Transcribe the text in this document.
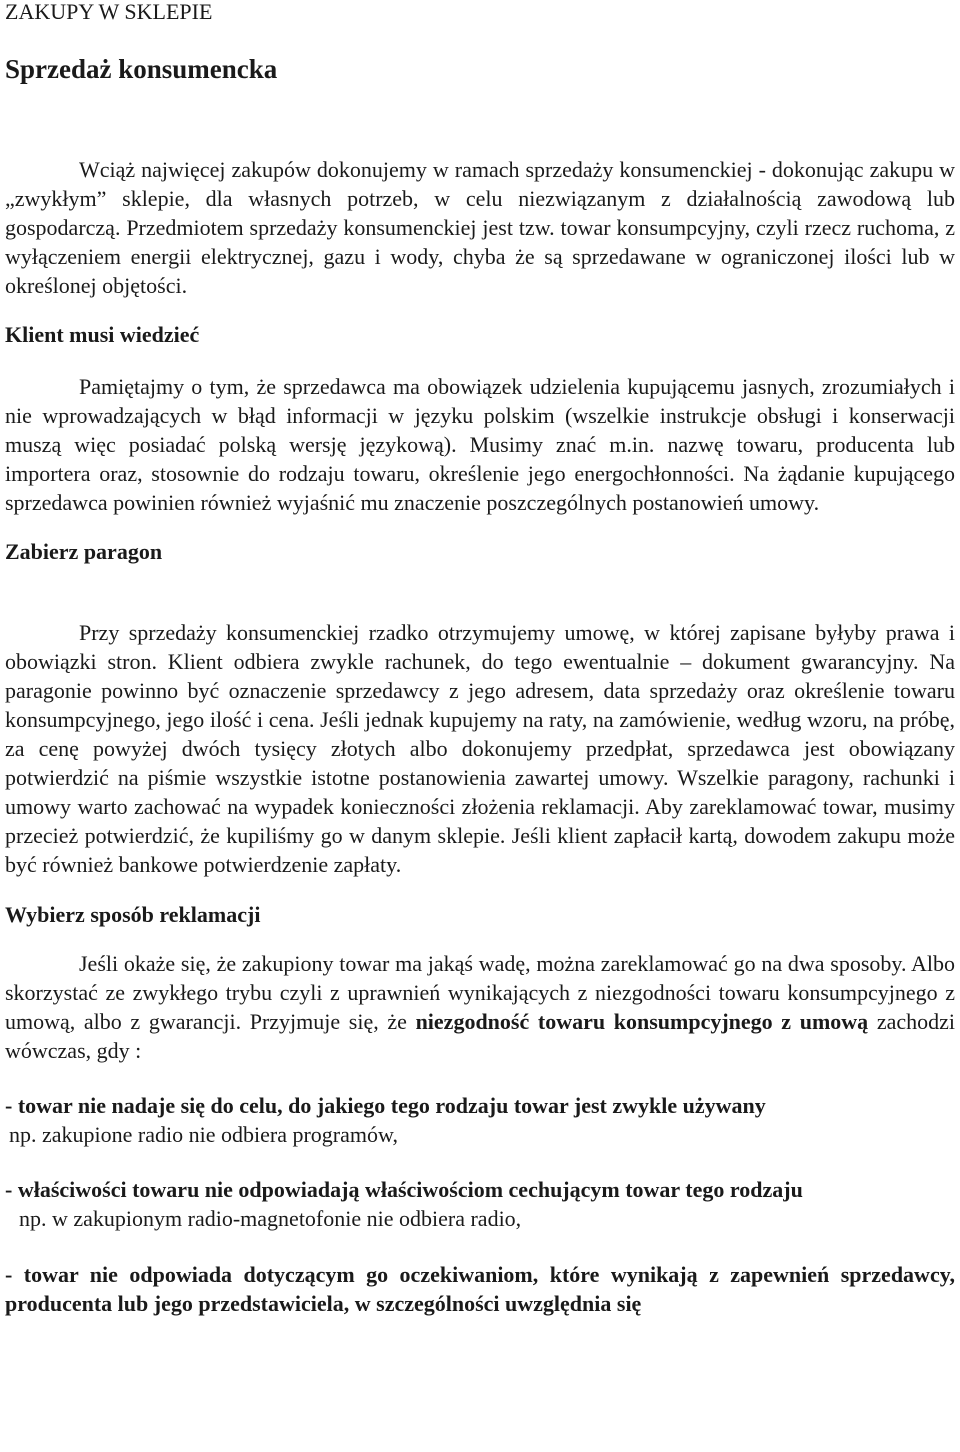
ZAKUPY W SKLEPIE
Sprzedaż konsumencka

Wciąż najwięcej zakupów dokonujemy w ramach sprzedaży konsumenckiej - dokonując zakupu w „zwykłym” sklepie, dla własnych potrzeb, w celu niezwiązanym z działalnością zawodową lub gospodarczą. Przedmiotem sprzedaży konsumenckiej jest tzw. towar konsumpcyjny, czyli rzecz ruchoma, z wyłączeniem energii elektrycznej, gazu i wody, chyba że są sprzedawane w ograniczonej ilości lub w określonej objętości.

Klient musi wiedzieć

Pamiętajmy o tym, że sprzedawca ma obowiązek udzielenia kupującemu jasnych, zrozumiałych i nie wprowadzających w błąd informacji w języku polskim (wszelkie instrukcje obsługi i konserwacji muszą więc posiadać polską wersję językową). Musimy znać m.in. nazwę towaru, producenta lub importera oraz, stosownie do rodzaju towaru, określenie jego energochłonności. Na żądanie kupującego sprzedawca powinien również wyjaśnić mu znaczenie poszczególnych postanowień umowy.

Zabierz paragon

Przy sprzedaży konsumenckiej rzadko otrzymujemy umowę, w której zapisane byłyby prawa i obowiązki stron. Klient odbiera zwykle rachunek, do tego ewentualnie – dokument gwarancyjny. Na paragonie powinno być oznaczenie sprzedawcy z jego adresem, data sprzedaży oraz określenie towaru konsumpcyjnego, jego ilość i cena. Jeśli jednak kupujemy na raty, na zamówienie, według wzoru, na próbę, za cenę powyżej dwóch tysięcy złotych albo dokonujemy przedpłat, sprzedawca jest obowiązany potwierdzić na piśmie wszystkie istotne postanowienia zawartej umowy. Wszelkie paragony, rachunki i umowy warto zachować na wypadek konieczności złożenia reklamacji. Aby zareklamować towar, musimy przecież potwierdzić, że kupiliśmy go w danym sklepie. Jeśli klient zapłacił kartą, dowodem zakupu może być również bankowe potwierdzenie zapłaty.

Wybierz sposób reklamacji

Jeśli okaże się, że zakupiony towar ma jakąś wadę, można zareklamować go na dwa sposoby. Albo skorzystać ze zwykłego trybu czyli z uprawnień wynikających z niezgodności towaru konsumpcyjnego z umową, albo z gwarancji. Przyjmuje się, że niezgodność towaru konsumpcyjnego z umową zachodzi wówczas, gdy :

- towar nie nadaje się do celu, do jakiego tego rodzaju towar jest zwykle używany
np. zakupione radio nie odbiera programów,
- właściwości towaru nie odpowiadają właściwościom cechującym towar tego rodzaju
np. w zakupionym radio-magnetofonie nie odbiera radio,
- towar nie odpowiada dotyczącym go oczekiwaniom, które wynikają z zapewnień sprzedawcy, producenta lub jego przedstawiciela, w szczególności uwzględnia się
